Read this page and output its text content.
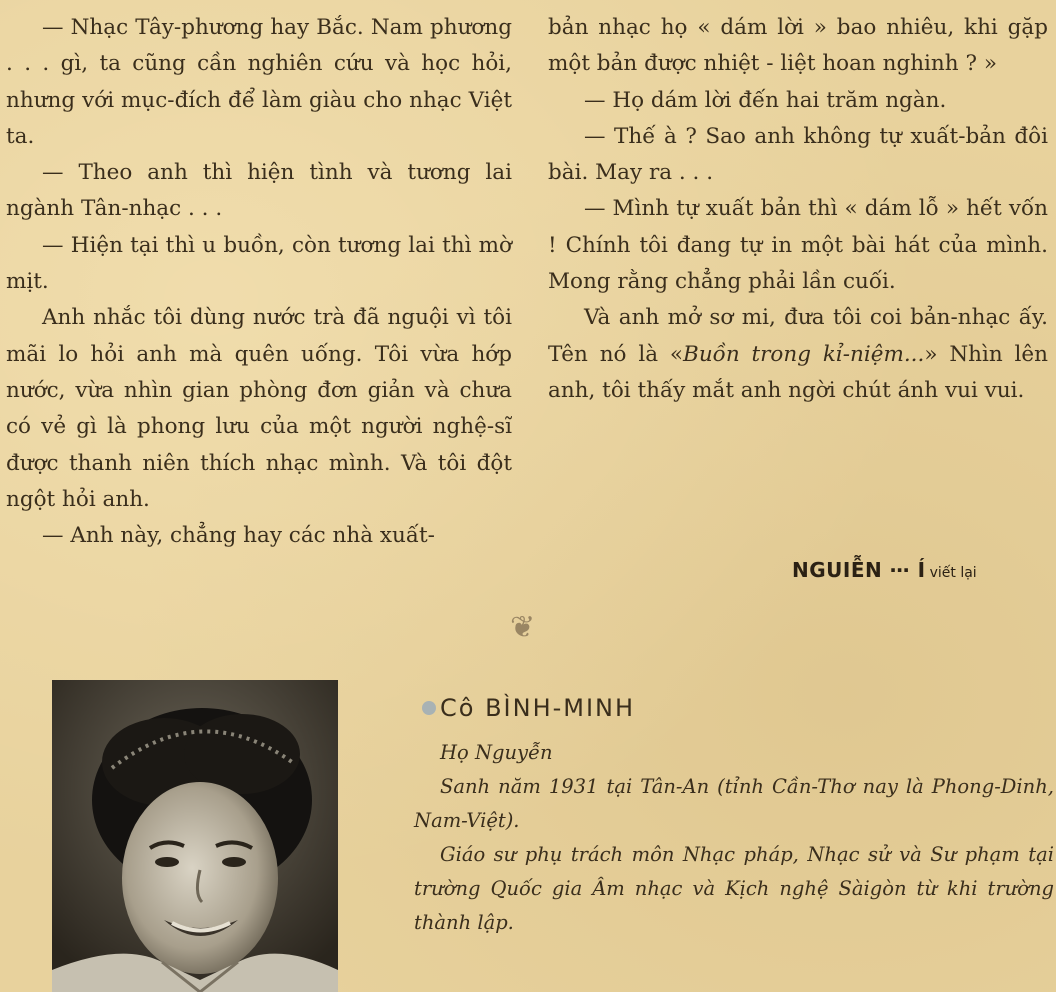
— Nhạc Tây-phương hay Bắc. Nam phương . . . gì, ta cũng cần nghiên cứu và học hỏi, nhưng với mục-đích để làm giàu cho nhạc Việt ta.

— Theo anh thì hiện tình và tương lai ngành Tân-nhạc . . .

— Hiện tại thì u buồn, còn tương lai thì mờ mịt.

Anh nhắc tôi dùng nước trà đã nguội vì tôi mãi lo hỏi anh mà quên uống. Tôi vừa hớp nước, vừa nhìn gian phòng đơn giản và chưa có vẻ gì là phong lưu của một người nghệ-sĩ được thanh niên thích nhạc mình. Và tôi đột ngột hỏi anh.

— Anh này, chẳng hay các nhà xuất-

bản nhạc họ « dám lời » bao nhiêu, khi gặp một bản được nhiệt - liệt hoan nghinh ? »

— Họ dám lời đến hai trăm ngàn.

— Thế à ? Sao anh không tự xuất-bản đôi bài. May ra . . .

— Mình tự xuất bản thì « dám lỗ » hết vốn ! Chính tôi đang tự in một bài hát của mình. Mong rằng chẳng phải lần cuối.

Và anh mở sơ mi, đưa tôi coi bản-nhạc ấy. Tên nó là «Buồn trong kỉ-niệm...» Nhìn lên anh, tôi thấy mắt anh ngời chút ánh vui vui.

NGUIỄN ⋯ Í viết lại
❦
Cô BÌNH-MINH

Họ Nguyễn

Sanh năm 1931 tại Tân-An (tỉnh Cần-Thơ nay là Phong-Dinh, Nam-Việt).

Giáo sư phụ trách môn Nhạc pháp, Nhạc sử và Sư phạm tại trường Quốc gia Âm nhạc và Kịch nghệ Sàigòn từ khi trường thành lập.
